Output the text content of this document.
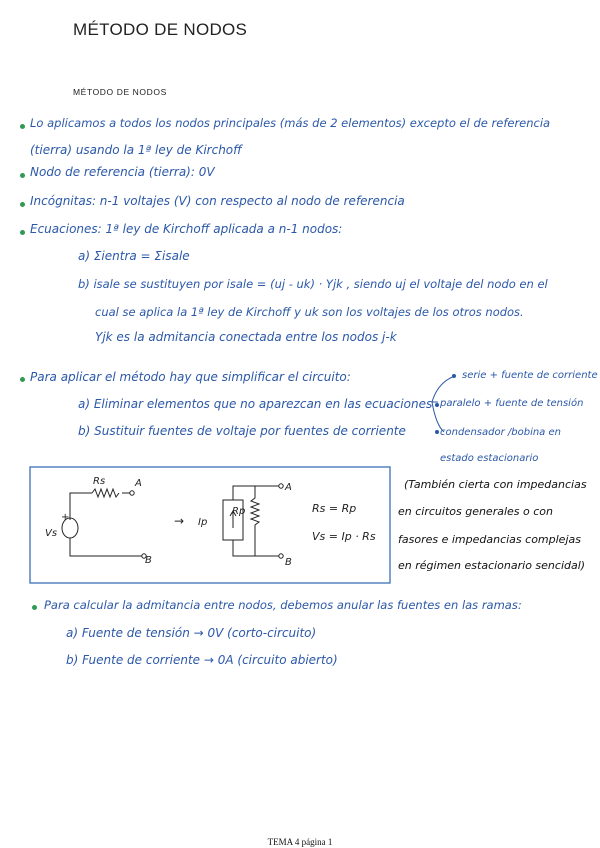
MÉTODO DE NODOS
MÉTODO DE NODOS
Lo aplicamos a todos los nodos principales (más de 2 elementos) excepto el de referencia
(tierra) usando la 1ª ley de Kirchoff
Nodo de referencia (tierra): 0V
Incógnitas: n-1 voltajes (V) con respecto al nodo de referencia
Ecuaciones: 1ª ley de Kirchoff aplicada a n-1 nodos:
a) Σientra = Σisale
b) isale se sustituyen por isale = (uj - uk) · Yjk , siendo uj el voltaje del nodo en el
cual se aplica la 1ª ley de Kirchoff y uk son los voltajes de los otros nodos.
Yjk es la admitancia conectada entre los nodos j-k
Para aplicar el método hay que simplificar el circuito:
a) Eliminar elementos que no aparezcan en las ecuaciones
b) Sustituir fuentes de voltaje por fuentes de corriente
serie + fuente de corriente
paralelo + fuente de tensión
condensador /bobina en
estado estacionario
Rs	A
B
Vs
+	→ Ip
Rp
A
B
Rs = Rp
Vs = Ip · Rs
(También cierta con impedancias
en circuitos generales o con
fasores e impedancias complejas
en régimen estacionario sencidal)
Para calcular la admitancia entre nodos, debemos anular las fuentes en las ramas:
a) Fuente de tensión → 0V (corto-circuito)
b) Fuente de corriente → 0A (circuito abierto)
TEMA 4 página 1
